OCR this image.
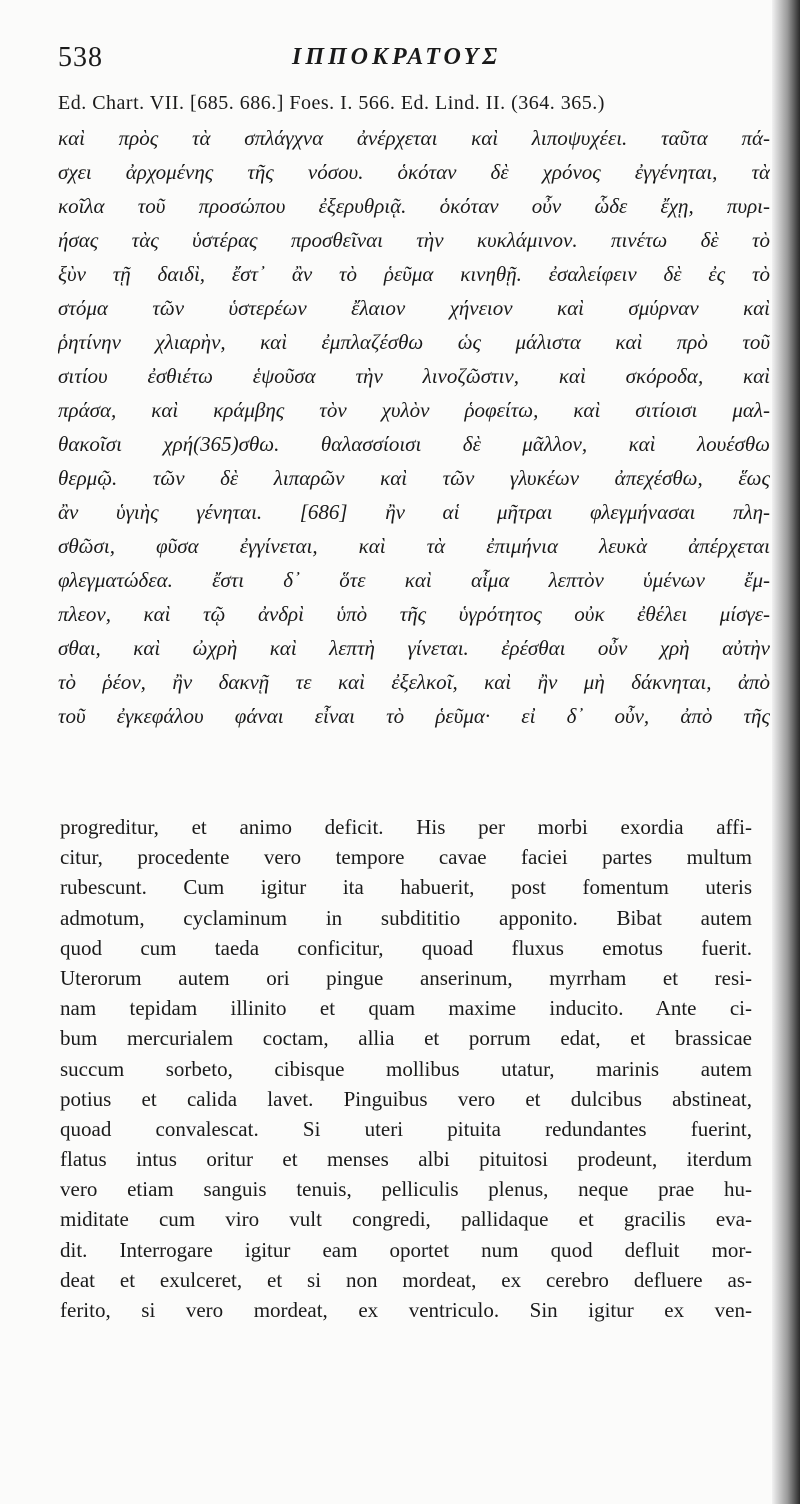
538	ΙΠΠΟΚΡΑΤΟΥΣ
Ed. Chart. VII. [685. 686.] Foes. I. 566. Ed. Lind. II. (364. 365.)
καὶ πρὸς τὰ σπλάγχνα ἀνέρχεται καὶ λιποψυχέει. ταῦτα πά-
σχει ἀρχομένης τῆς νόσου. ὁκόταν δὲ χρόνος ἐγγένηται, τὰ
κοῖλα τοῦ προσώπου ἐξερυθριᾷ. ὁκόταν οὖν ὧδε ἔχῃ, πυρι-
ήσας τὰς ὑστέρας προσθεῖναι τὴν κυκλάμινον. πινέτω δὲ τὸ
ξὺν τῇ δαιδὶ, ἔστ᾽ ἂν τὸ ῥεῦμα κινηθῇ. ἐσαλείφειν δὲ ἐς τὸ
στόμα τῶν ὑστερέων ἔλαιον χήνειον καὶ σμύρναν καὶ
ῥητίνην χλιαρὴν, καὶ ἐμπλαζέσθω ὡς μάλιστα καὶ πρὸ τοῦ
σιτίου ἐσθιέτω ἑψοῦσα τὴν λινοζῶστιν, καὶ σκόροδα, καὶ
πράσα, καὶ κράμβης τὸν χυλὸν ῥοφείτω, καὶ σιτίοισι μαλ-
θακοῖσι χρή(365)σθω. θαλασσίοισι δὲ μᾶλλον, καὶ λουέσθω
θερμῷ. τῶν δὲ λιπαρῶν καὶ τῶν γλυκέων ἀπεχέσθω, ἕως
ἂν ὑγιὴς γένηται. [686] ἢν αἱ μῆτραι φλεγμήνασαι πλη-
σθῶσι, φῦσα ἐγγίνεται, καὶ τὰ ἐπιμήνια λευκὰ ἀπέρχεται
φλεγματώδεα. ἔστι δ᾽ ὅτε καὶ αἷμα λεπτὸν ὑμένων ἔμ-
πλεον, καὶ τῷ ἀνδρὶ ὑπὸ τῆς ὑγρότητος οὐκ ἐθέλει μίσγε-
σθαι, καὶ ὠχρὴ καὶ λεπτὴ γίνεται. ἐρέσθαι οὖν χρὴ αὐτὴν
τὸ ῥέον, ἢν δακνῇ τε καὶ ἐξελκοῖ, καὶ ἢν μὴ δάκνηται, ἀπὸ
τοῦ ἐγκεφάλου φάναι εἶναι τὸ ῥεῦμα· εἰ δ᾽ οὖν, ἀπὸ τῆς
progreditur, et animo deficit. His per morbi exordia affi-
citur, procedente vero tempore cavae faciei partes multum
rubescunt. Cum igitur ita habuerit, post fomentum uteris
admotum, cyclaminum in subdititio apponito. Bibat autem
quod cum taeda conficitur, quoad fluxus emotus fuerit.
Uterorum autem ori pingue anserinum, myrrham et resi-
nam tepidam illinito et quam maxime inducito. Ante ci-
bum mercurialem coctam, allia et porrum edat, et brassicae
succum sorbeto, cibisque mollibus utatur, marinis autem
potius et calida lavet. Pinguibus vero et dulcibus abstineat,
quoad convalescat. Si uteri pituita redundantes fuerint,
flatus intus oritur et menses albi pituitosi prodeunt, iterdum
vero etiam sanguis tenuis, pelliculis plenus, neque prae hu-
miditate cum viro vult congredi, pallidaque et gracilis eva-
dit. Interrogare igitur eam oportet num quod defluit mor-
deat et exulceret, et si non mordeat, ex cerebro defluere as-
ferito, si vero mordeat, ex ventriculo. Sin igitur ex ven-
